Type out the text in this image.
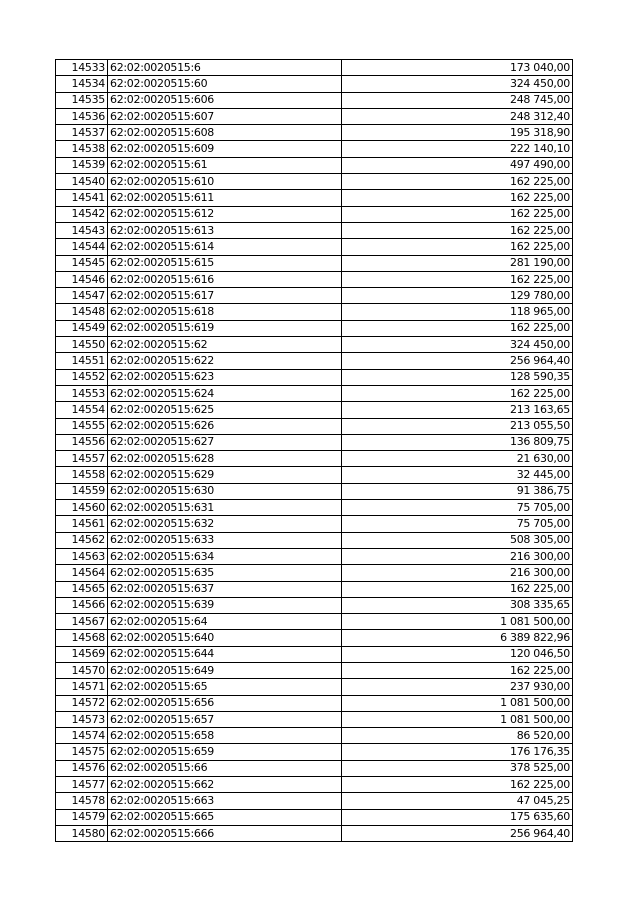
14533	62:02:0020515:6	173 040,00
14534	62:02:0020515:60	324 450,00
14535	62:02:0020515:606	248 745,00
14536	62:02:0020515:607	248 312,40
14537	62:02:0020515:608	195 318,90
14538	62:02:0020515:609	222 140,10
14539	62:02:0020515:61	497 490,00
14540	62:02:0020515:610	162 225,00
14541	62:02:0020515:611	162 225,00
14542	62:02:0020515:612	162 225,00
14543	62:02:0020515:613	162 225,00
14544	62:02:0020515:614	162 225,00
14545	62:02:0020515:615	281 190,00
14546	62:02:0020515:616	162 225,00
14547	62:02:0020515:617	129 780,00
14548	62:02:0020515:618	118 965,00
14549	62:02:0020515:619	162 225,00
14550	62:02:0020515:62	324 450,00
14551	62:02:0020515:622	256 964,40
14552	62:02:0020515:623	128 590,35
14553	62:02:0020515:624	162 225,00
14554	62:02:0020515:625	213 163,65
14555	62:02:0020515:626	213 055,50
14556	62:02:0020515:627	136 809,75
14557	62:02:0020515:628	21 630,00
14558	62:02:0020515:629	32 445,00
14559	62:02:0020515:630	91 386,75
14560	62:02:0020515:631	75 705,00
14561	62:02:0020515:632	75 705,00
14562	62:02:0020515:633	508 305,00
14563	62:02:0020515:634	216 300,00
14564	62:02:0020515:635	216 300,00
14565	62:02:0020515:637	162 225,00
14566	62:02:0020515:639	308 335,65
14567	62:02:0020515:64	1 081 500,00
14568	62:02:0020515:640	6 389 822,96
14569	62:02:0020515:644	120 046,50
14570	62:02:0020515:649	162 225,00
14571	62:02:0020515:65	237 930,00
14572	62:02:0020515:656	1 081 500,00
14573	62:02:0020515:657	1 081 500,00
14574	62:02:0020515:658	86 520,00
14575	62:02:0020515:659	176 176,35
14576	62:02:0020515:66	378 525,00
14577	62:02:0020515:662	162 225,00
14578	62:02:0020515:663	47 045,25
14579	62:02:0020515:665	175 635,60
14580	62:02:0020515:666	256 964,40
